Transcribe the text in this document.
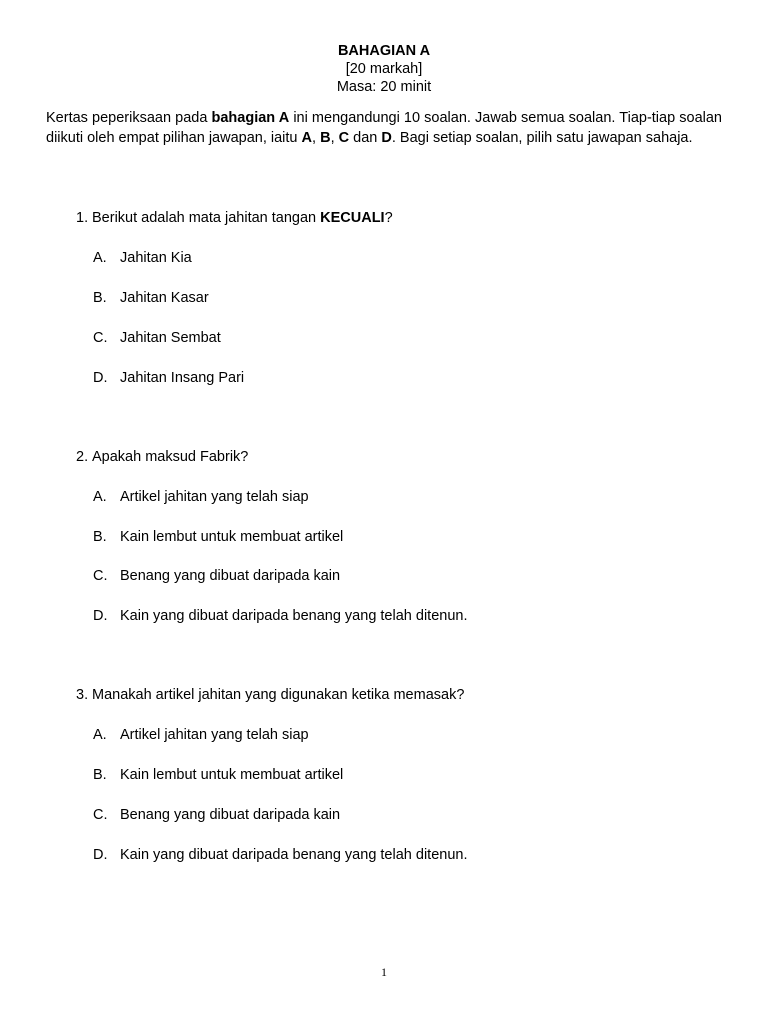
BAHAGIAN A
[20 markah]
Masa: 20 minit
Kertas peperiksaan pada bahagian A ini mengandungi 10 soalan. Jawab semua soalan. Tiap-tiap soalan diikuti oleh empat pilihan jawapan, iaitu A, B, C dan D. Bagi setiap soalan, pilih satu jawapan sahaja.
1. Berikut adalah mata jahitan tangan KECUALI?
A. Jahitan Kia
B. Jahitan Kasar
C. Jahitan Sembat
D. Jahitan Insang Pari
2. Apakah maksud Fabrik?
A. Artikel jahitan yang telah siap
B. Kain lembut untuk membuat artikel
C. Benang yang dibuat daripada kain
D. Kain yang dibuat daripada benang yang telah ditenun.
3. Manakah artikel jahitan yang digunakan ketika memasak?
A. Artikel jahitan yang telah siap
B. Kain lembut untuk membuat artikel
C. Benang yang dibuat daripada kain
D. Kain yang dibuat daripada benang yang telah ditenun.
1
